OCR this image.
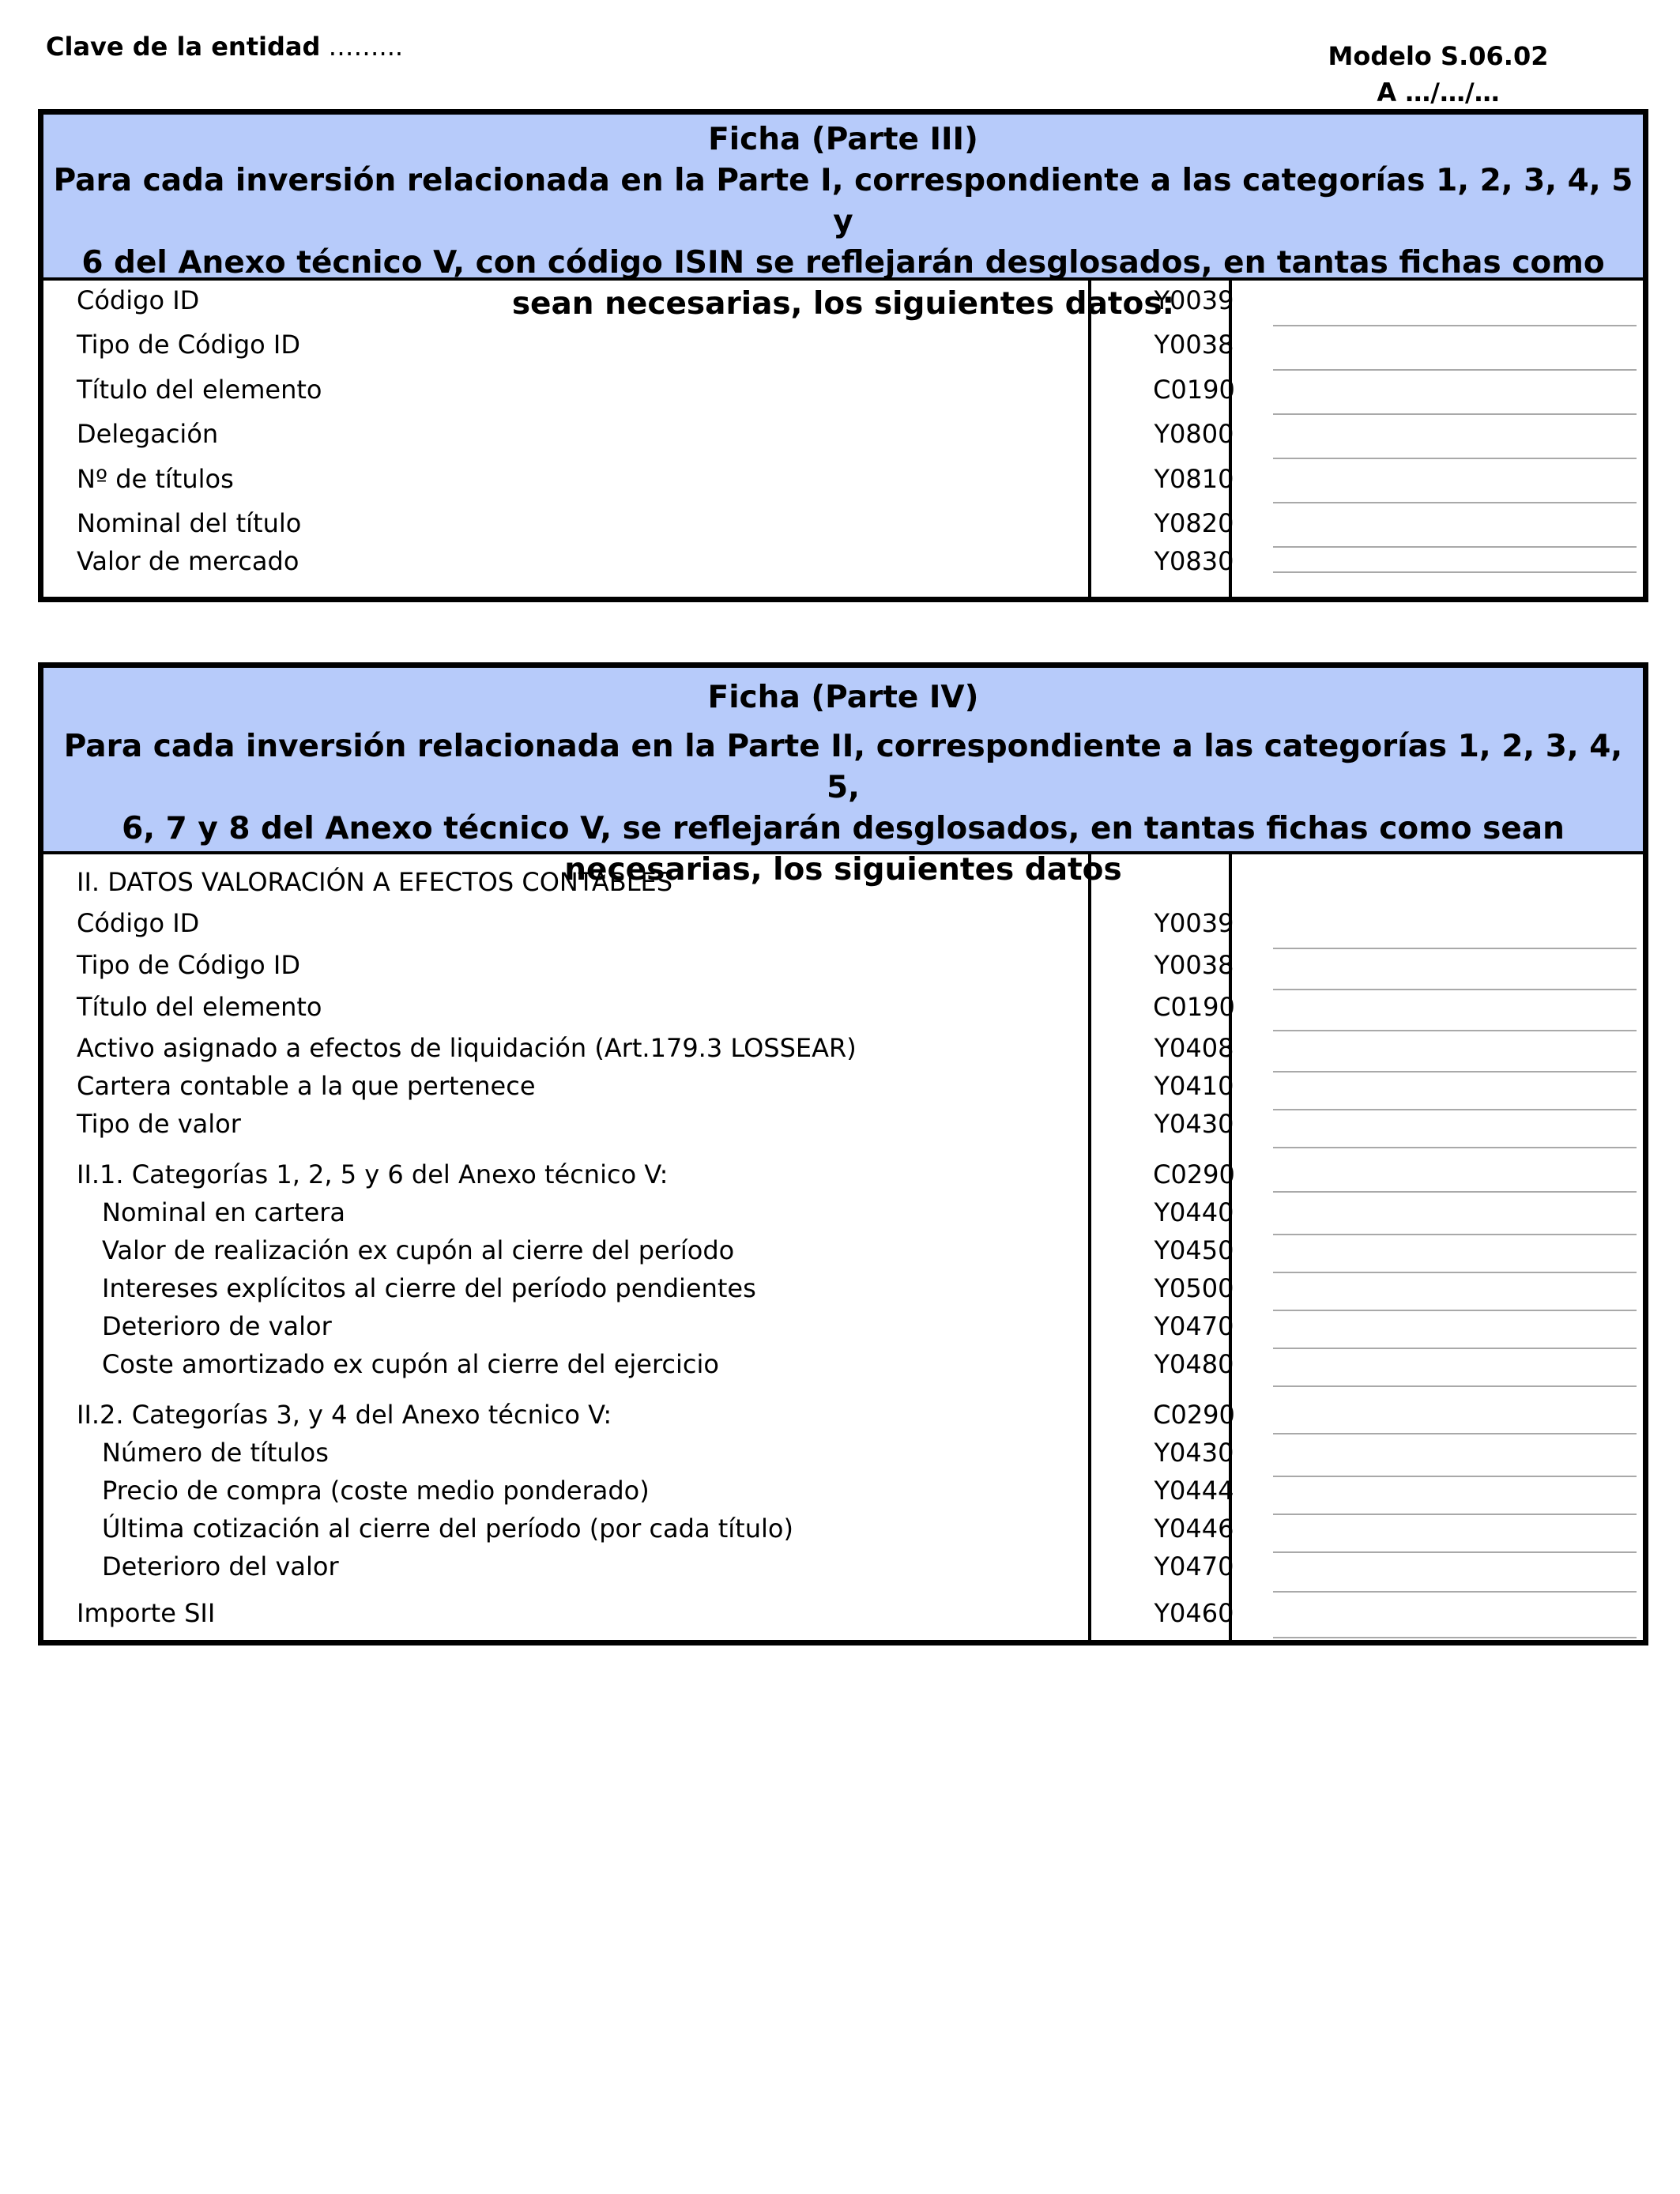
Clave de la entidad ……...	Modelo S.06.02
A …/…/…
Ficha (Parte III)
Para cada inversión relacionada en la Parte I, correspondiente a las categorías 1, 2, 3, 4, 5 y
6 del Anexo técnico V, con código ISIN se reflejarán desglosados, en tantas fichas como
sean necesarias, los siguientes datos:
Código ID	Y0039
Tipo de Código ID	Y0038
Título del elemento	C0190
Delegación	Y0800
Nº de títulos	Y0810
Nominal del título	Y0820
Valor de mercado	Y0830
Ficha (Parte IV)
Para cada inversión relacionada en la Parte II, correspondiente a las categorías 1, 2, 3, 4, 5,
6, 7 y 8 del Anexo técnico V, se reflejarán desglosados, en tantas fichas como sean
necesarias, los siguientes datos
II. DATOS VALORACIÓN A EFECTOS CONTABLES
Código ID	Y0039
Tipo de Código ID	Y0038
Título del elemento	C0190
Activo asignado a efectos de liquidación (Art.179.3 LOSSEAR)	Y0408
Cartera contable a la que pertenece	Y0410
Tipo de valor	Y0430
II.1. Categorías 1, 2, 5 y 6 del Anexo técnico V:	C0290
Nominal en cartera	Y0440
Valor de realización ex cupón al cierre del período	Y0450
Intereses explícitos al cierre del período pendientes	Y0500
Deterioro de valor	Y0470
Coste amortizado ex cupón al cierre del ejercicio	Y0480
II.2. Categorías 3, y 4 del Anexo técnico V:	C0290
Número de títulos	Y0430
Precio de compra (coste medio ponderado)	Y0444
Última cotización al cierre del período (por cada título)	Y0446
Deterioro del valor	Y0470
Importe SII	Y0460
